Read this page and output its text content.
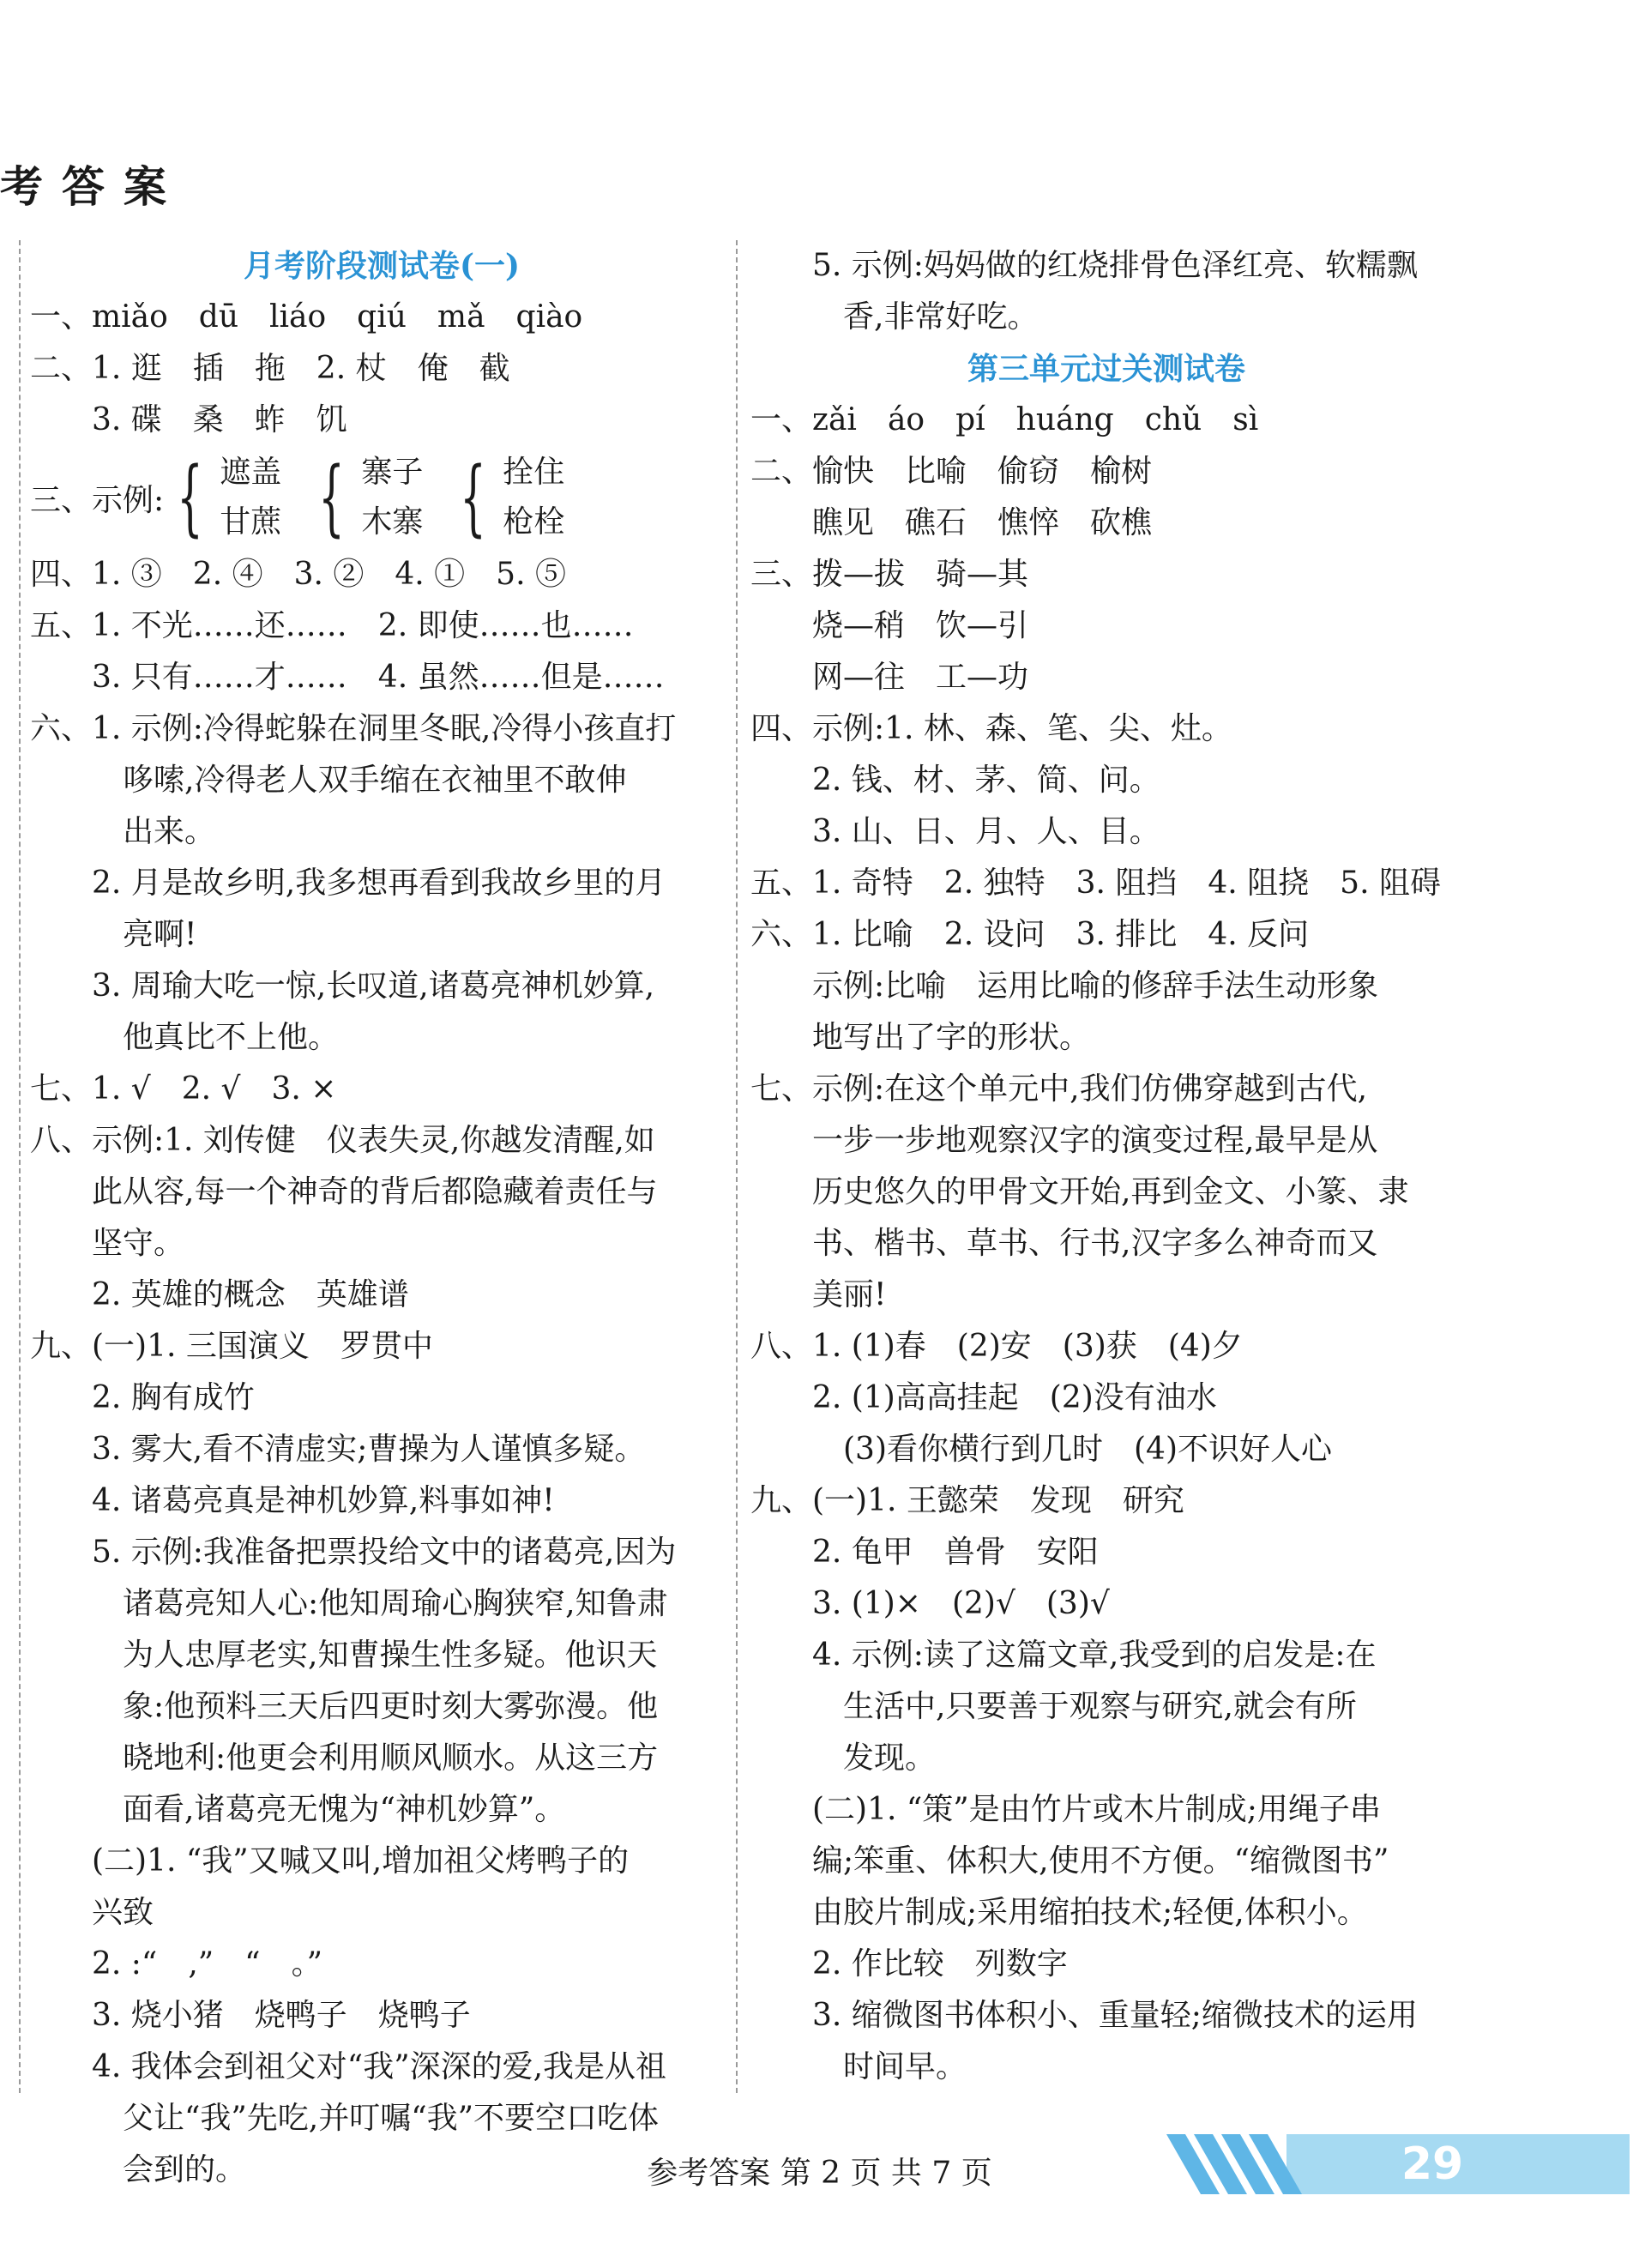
考答案
月考阶段测试卷(一)
一、miǎo　dū　liáo　qiú　mǎ　qiào
二、1. 逛　插　拖　2. 杖　俺　截
　　3. 碟　桑　蚱　饥
三、示例: { 遮盖
甘蔗 { 寨子
木寨 { 拴住
枪栓
四、1. ③　2. ④　3. ②　4. ①　5. ⑤
五、1. 不光……还……　2. 即使……也……
　　3. 只有……才……　4. 虽然……但是……
六、1. 示例:冷得蛇躲在洞里冬眠,冷得小孩直打
　　　哆嗦,冷得老人双手缩在衣袖里不敢伸
　　　出来。
　　2. 月是故乡明,我多想再看到我故乡里的月
　　　亮啊!
　　3. 周瑜大吃一惊,长叹道,诸葛亮神机妙算,
　　　他真比不上他。
七、1. √　2. √　3. ×
八、示例:1. 刘传健　仪表失灵,你越发清醒,如
　　此从容,每一个神奇的背后都隐藏着责任与
　　坚守。
　　2. 英雄的概念　英雄谱
九、(一)1. 三国演义　罗贯中
　　2. 胸有成竹
　　3. 雾大,看不清虚实;曹操为人谨慎多疑。
　　4. 诸葛亮真是神机妙算,料事如神!
　　5. 示例:我准备把票投给文中的诸葛亮,因为
　　　诸葛亮知人心:他知周瑜心胸狭窄,知鲁肃
　　　为人忠厚老实,知曹操生性多疑。他识天
　　　象:他预料三天后四更时刻大雾弥漫。他
　　　晓地利:他更会利用顺风顺水。从这三方
　　　面看,诸葛亮无愧为“神机妙算”。
　　(二)1. “我”又喊又叫,增加祖父烤鸭子的
　　兴致
　　2. :“　,”　“　。”
　　3. 烧小猪　烧鸭子　烧鸭子
　　4. 我体会到祖父对“我”深深的爱,我是从祖
　　　父让“我”先吃,并叮嘱“我”不要空口吃体
　　　会到的。
　　5. 示例:妈妈做的红烧排骨色泽红亮、软糯飘
　　　香,非常好吃。
第三单元过关测试卷
一、zǎi　áo　pí　huáng　chǔ　sì
二、愉快　比喻　偷窃　榆树
　　瞧见　礁石　憔悴　砍樵
三、拨—拔　骑—其
　　烧—稍　饮—引
　　网—往　工—功
四、示例:1. 林、森、笔、尖、灶。
　　2. 钱、材、茅、简、问。
　　3. 山、日、月、人、目。
五、1. 奇特　2. 独特　3. 阻挡　4. 阻挠　5. 阻碍
六、1. 比喻　2. 设问　3. 排比　4. 反问
　　示例:比喻　运用比喻的修辞手法生动形象
　　地写出了字的形状。
七、示例:在这个单元中,我们仿佛穿越到古代,
　　一步一步地观察汉字的演变过程,最早是从
　　历史悠久的甲骨文开始,再到金文、小篆、隶
　　书、楷书、草书、行书,汉字多么神奇而又
　　美丽!
八、1. (1)春　(2)安　(3)获　(4)夕
　　2. (1)高高挂起　(2)没有油水
　　　(3)看你横行到几时　(4)不识好人心
九、(一)1. 王懿荣　发现　研究
　　2. 龟甲　兽骨　安阳
　　3. (1)×　(2)√　(3)√
　　4. 示例:读了这篇文章,我受到的启发是:在
　　　生活中,只要善于观察与研究,就会有所
　　　发现。
　　(二)1. “策”是由竹片或木片制成;用绳子串
　　编;笨重、体积大,使用不方便。“缩微图书”
　　由胶片制成;采用缩拍技术;轻便,体积小。
　　2. 作比较　列数字
　　3. 缩微图书体积小、重量轻;缩微技术的运用
　　　时间早。
29
参考答案 第 2 页 共 7 页
